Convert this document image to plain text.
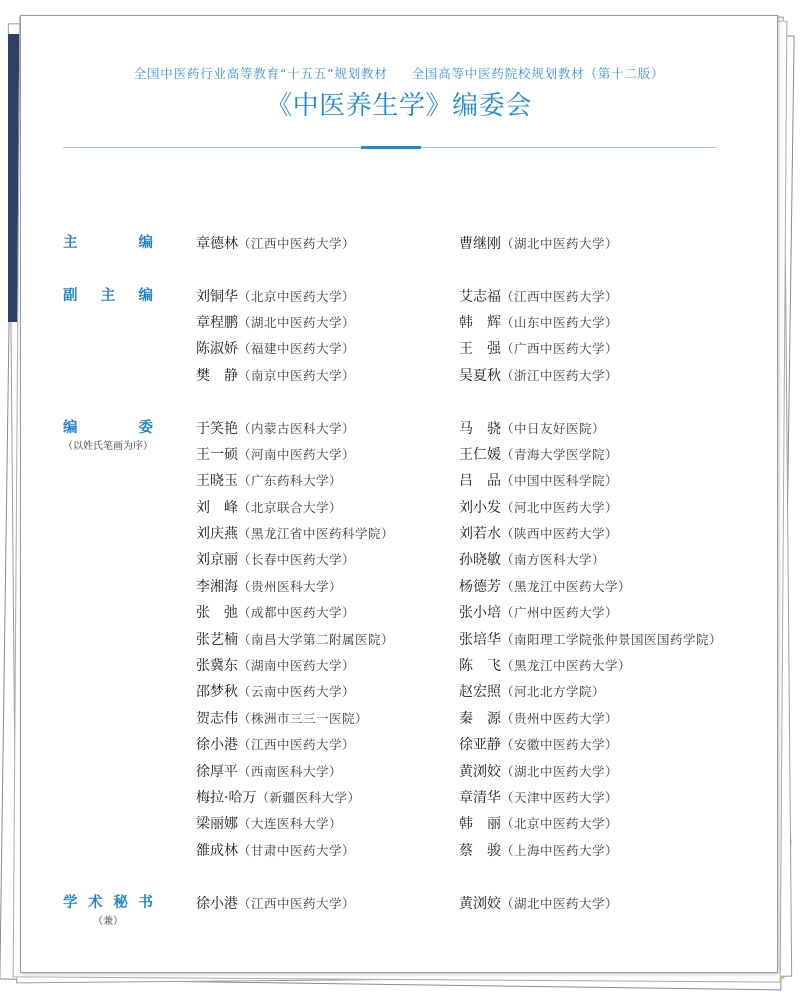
全国中医药行业高等教育“十五五”规划教材 全国高等中医药院校规划教材（第十二版）
《中医养生学》编委会
主　　编	章德林（江西中医药大学）	曹继刚（湖北中医药大学）
副 主 编	刘铜华（北京中医药大学）	艾志福（江西中医药大学）
章程鹏（湖北中医药大学）	韩　辉（山东中医药大学）
陈淑娇（福建中医药大学）	王　强（广西中医药大学）
樊　静（南京中医药大学）	吴夏秋（浙江中医药大学）
编　　委
（以姓氏笔画为序）
于笑艳（内蒙古医科大学）	马　骁（中日友好医院）
王一硕（河南中医药大学）	王仁媛（青海大学医学院）
王晓玉（广东药科大学）	吕　品（中国中医科学院）
刘　峰（北京联合大学）	刘小发（河北中医药大学）
刘庆燕（黑龙江省中医药科学院）	刘若水（陕西中医药大学）
刘京丽（长春中医药大学）	孙晓敏（南方医科大学）
李湘海（贵州医科大学）	杨德芳（黑龙江中医药大学）
张　弛（成都中医药大学）	张小培（广州中医药大学）
张艺楠（南昌大学第二附属医院）	张培华（南阳理工学院张仲景国医国药学院）
张冀东（湖南中医药大学）	陈　飞（黑龙江中医药大学）
邵梦秋（云南中医药大学）	赵宏照（河北北方学院）
贺志伟（株洲市三三一医院）	秦　源（贵州中医药大学）
徐小港（江西中医药大学）	徐亚静（安徽中医药大学）
徐厚平（西南医科大学）	黄浏姣（湖北中医药大学）
梅拉·哈万（新疆医科大学）	章清华（天津中医药大学）
梁丽娜（大连医科大学）	韩　丽（北京中医药大学）
雒成林（甘肃中医药大学）	蔡　骏（上海中医药大学）
学术秘书
（兼）
徐小港（江西中医药大学）	黄浏姣（湖北中医药大学）
